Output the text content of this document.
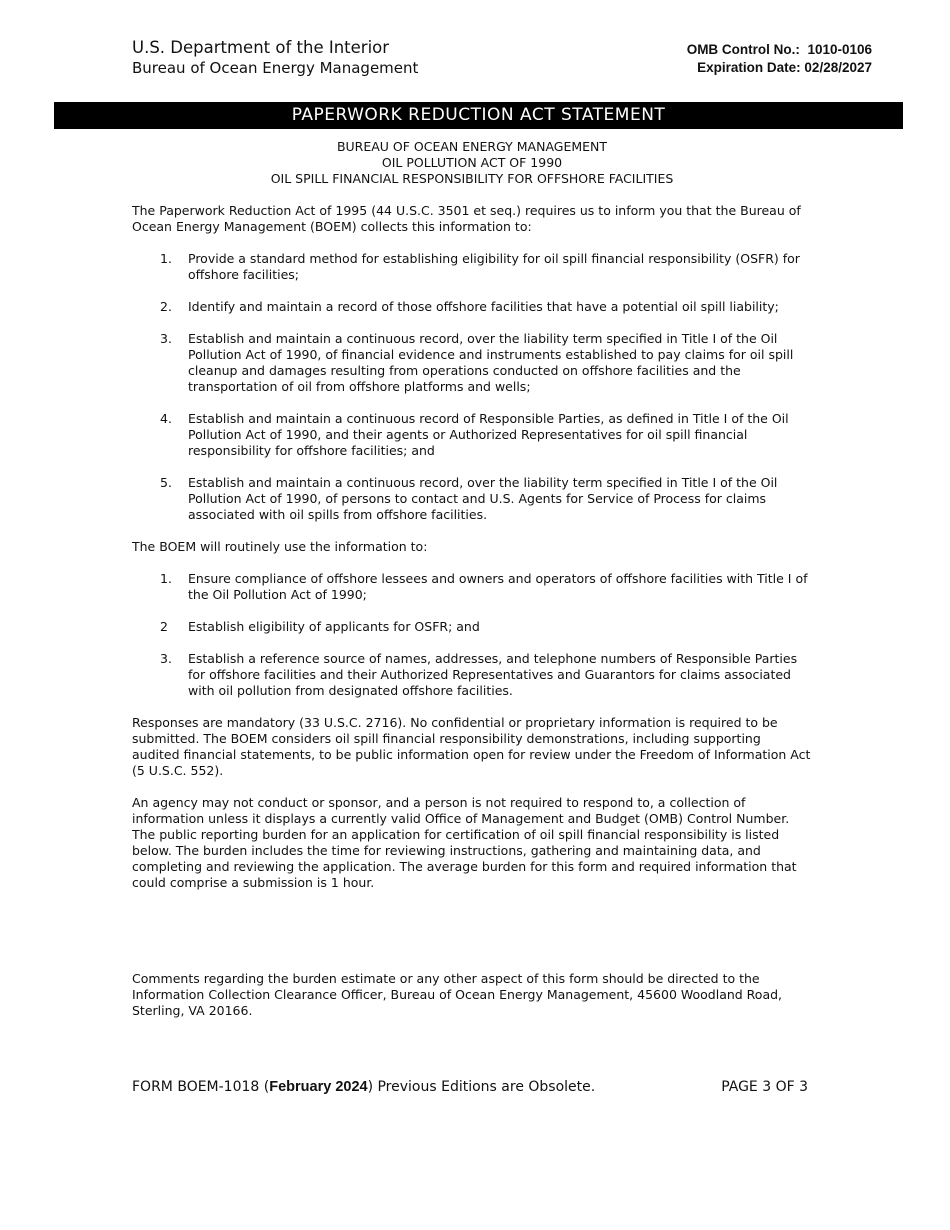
U.S. Department of the Interior
Bureau of Ocean Energy Management
OMB Control No.: 1010-0106
Expiration Date: 02/28/2027
PAPERWORK REDUCTION ACT STATEMENT
BUREAU OF OCEAN ENERGY MANAGEMENT
OIL POLLUTION ACT OF 1990
OIL SPILL FINANCIAL RESPONSIBILITY FOR OFFSHORE FACILITIES

The Paperwork Reduction Act of 1995 (44 U.S.C. 3501 et seq.) requires us to inform you that the Bureau of Ocean Energy Management (BOEM) collects this information to:

1. Provide a standard method for establishing eligibility for oil spill financial responsibility (OSFR) for offshore facilities;
2. Identify and maintain a record of those offshore facilities that have a potential oil spill liability;
3. Establish and maintain a continuous record, over the liability term specified in Title I of the Oil Pollution Act of 1990, of financial evidence and instruments established to pay claims for oil spill cleanup and damages resulting from operations conducted on offshore facilities and the transportation of oil from offshore platforms and wells;
4. Establish and maintain a continuous record of Responsible Parties, as defined in Title I of the Oil Pollution Act of 1990, and their agents or Authorized Representatives for oil spill financial responsibility for offshore facilities; and
5. Establish and maintain a continuous record, over the liability term specified in Title I of the Oil Pollution Act of 1990, of persons to contact and U.S. Agents for Service of Process for claims associated with oil spills from offshore facilities.

The BOEM will routinely use the information to:

1. Ensure compliance of offshore lessees and owners and operators of offshore facilities with Title I of the Oil Pollution Act of 1990;
2 Establish eligibility of applicants for OSFR; and
3. Establish a reference source of names, addresses, and telephone numbers of Responsible Parties for offshore facilities and their Authorized Representatives and Guarantors for claims associated with oil pollution from designated offshore facilities.

Responses are mandatory (33 U.S.C. 2716). No confidential or proprietary information is required to be submitted. The BOEM considers oil spill financial responsibility demonstrations, including supporting audited financial statements, to be public information open for review under the Freedom of Information Act (5 U.S.C. 552).

An agency may not conduct or sponsor, and a person is not required to respond to, a collection of information unless it displays a currently valid Office of Management and Budget (OMB) Control Number. The public reporting burden for an application for certification of oil spill financial responsibility is listed below. The burden includes the time for reviewing instructions, gathering and maintaining data, and completing and reviewing the application. The average burden for this form and required information that could comprise a submission is 1 hour.

Comments regarding the burden estimate or any other aspect of this form should be directed to the Information Collection Clearance Officer, Bureau of Ocean Energy Management, 45600 Woodland Road, Sterling, VA 20166.

FORM BOEM-1018 (February 2024) Previous Editions are Obsolete.	PAGE 3 OF 3
